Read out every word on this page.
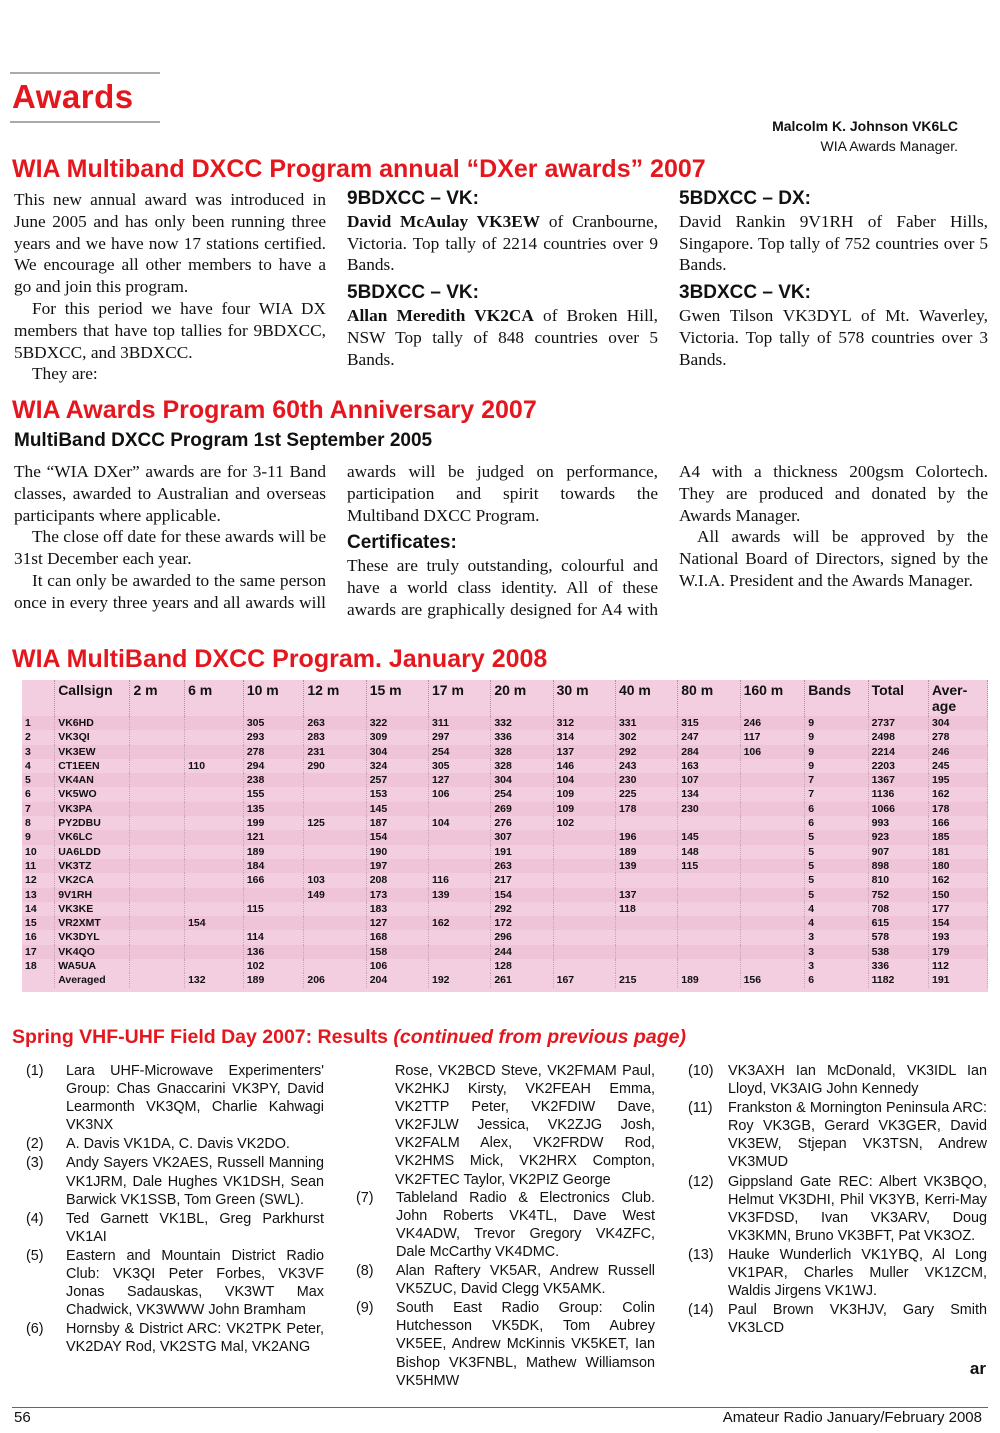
Awards
Malcolm K. Johnson VK6LC
WIA Awards Manager.
WIA Multiband DXCC Program annual “DXer awards” 2007

This new annual award was introduced in June 2005 and has only been running three years and we have now 17 stations certified. We encourage all other members to have a go and join this program.

For this period we have four WIA DX members that have top tallies for 9BDXCC, 5BDXCC, and 3BDXCC.

They are:

9BDXCC – VK:

David McAulay VK3EW of Cranbourne, Victoria. Top tally of 2214 countries over 9 Bands.

5BDXCC – VK:

Allan Meredith VK2CA of Broken Hill, NSW Top tally of 848 countries over 5 Bands.

5BDXCC – DX:

David Rankin 9V1RH of Faber Hills, Singapore. Top tally of 752 countries over 5 Bands.

3BDXCC – VK:

Gwen Tilson VK3DYL of Mt. Waverley, Victoria. Top tally of 578 countries over 3 Bands.

WIA Awards Program 60th Anniversary 2007
MultiBand DXCC Program 1st September 2005

The “WIA DXer” awards are for 3-11 Band classes, awarded to Australian and overseas participants where applicable.

The close off date for these awards will be 31st December each year.

It can only be awarded to the same person once in every three years and all awards will

awards will be judged on performance, participation and spirit towards the Multiband DXCC Program.

Certificates:

These are truly outstanding, colourful and have a world class identity. All of these awards are graphically designed for A4 with

A4 with a thickness 200gsm Colortech. They are produced and donated by the Awards Manager.

All awards will be approved by the National Board of Directors, signed by the W.I.A. President and the Awards Manager.

WIA MultiBand DXCC Program. January 2008
	Callsign	2 m	6 m	10 m	12 m	15 m	17 m	20 m	30 m	40 m	80 m	160 m	Bands	Total	Aver-age
1	VK6HD			305	263	322	311	332	312	331	315	246	9	2737	304
2	VK3QI			293	283	309	297	336	314	302	247	117	9	2498	278
3	VK3EW			278	231	304	254	328	137	292	284	106	9	2214	246
4	CT1EEN		110	294	290	324	305	328	146	243	163		9	2203	245
5	VK4AN			238		257	127	304	104	230	107		7	1367	195
6	VK5WO			155		153	106	254	109	225	134		7	1136	162
7	VK3PA			135		145		269	109	178	230		6	1066	178
8	PY2DBU			199	125	187	104	276	102				6	993	166
9	VK6LC			121		154		307		196	145		5	923	185
10	UA6LDD			189		190		191		189	148		5	907	181
11	VK3TZ			184		197		263		139	115		5	898	180
12	VK2CA			166	103	208	116	217					5	810	162
13	9V1RH				149	173	139	154		137			5	752	150
14	VK3KE			115		183		292		118			4	708	177
15	VR2XMT		154			127	162	172					4	615	154
16	VK3DYL			114		168		296					3	578	193
17	VK4QO			136		158		244					3	538	179
18	WA5UA			102		106		128					3	336	112
	Averaged		132	189	206	204	192	261	167	215	189	156	6	1182	191
Spring VHF-UHF Field Day 2007: Results (continued from previous page)
(1)	Lara UHF-Microwave Experimenters' Group: Chas Gnaccarini VK3PY, David Learmonth VK3QM, Charlie Kahwagi VK3NX
(2)	A. Davis VK1DA, C. Davis VK2DO.
(3)	Andy Sayers VK2AES, Russell Manning VK1JRM, Dale Hughes VK1DSH, Sean Barwick VK1SSB, Tom Green (SWL).
(4)	Ted Garnett VK1BL, Greg Parkhurst VK1AI
(5)	Eastern and Mountain District Radio Club: VK3QI Peter Forbes, VK3VF Jonas Sadauskas, VK3WT Max Chadwick, VK3WWW John Bramham
(6)	Hornsby & District ARC: VK2TPK Peter, VK2DAY Rod, VK2STG Mal, VK2ANG
Rose, VK2BCD Steve, VK2FMAM Paul, VK2HKJ Kirsty, VK2FEAH Emma, VK2TTP Peter, VK2FDIW Dave, VK2FJLW Jessica, VK2ZJG Josh, VK2FALM Alex, VK2FRDW Rod, VK2HMS Mick, VK2HRX Compton, VK2FTEC Taylor, VK2PIZ George
(7)	Tableland Radio & Electronics Club. John Roberts VK4TL, Dave West VK4ADW, Trevor Gregory VK4ZFC, Dale McCarthy VK4DMC.
(8)	Alan Raftery VK5AR, Andrew Russell VK5ZUC, David Clegg VK5AMK.
(9)	South East Radio Group: Colin Hutchesson VK5DK, Tom Aubrey VK5EE, Andrew McKinnis VK5KET, Ian Bishop VK3FNBL, Mathew Williamson VK5HMW
(10)	VK3AXH Ian McDonald, VK3IDL Ian Lloyd, VK3AIG John Kennedy
(11)	Frankston & Mornington Peninsula ARC: Roy VK3GB, Gerard VK3GER, David VK3EW, Stjepan VK3TSN, Andrew VK3MUD
(12)	Gippsland Gate REC: Albert VK3BQO, Helmut VK3DHI, Phil VK3YB, Kerri-May VK3FDSD, Ivan VK3ARV, Doug VK3KMN, Bruno VK3BFT, Pat VK3OZ.
(13)	Hauke Wunderlich VK1YBQ, Al Long VK1PAR, Charles Muller VK1ZCM, Waldis Jirgens VK1WJ.
(14)	Paul Brown VK3HJV, Gary Smith VK3LCD
ar
56	Amateur Radio January/February 2008
